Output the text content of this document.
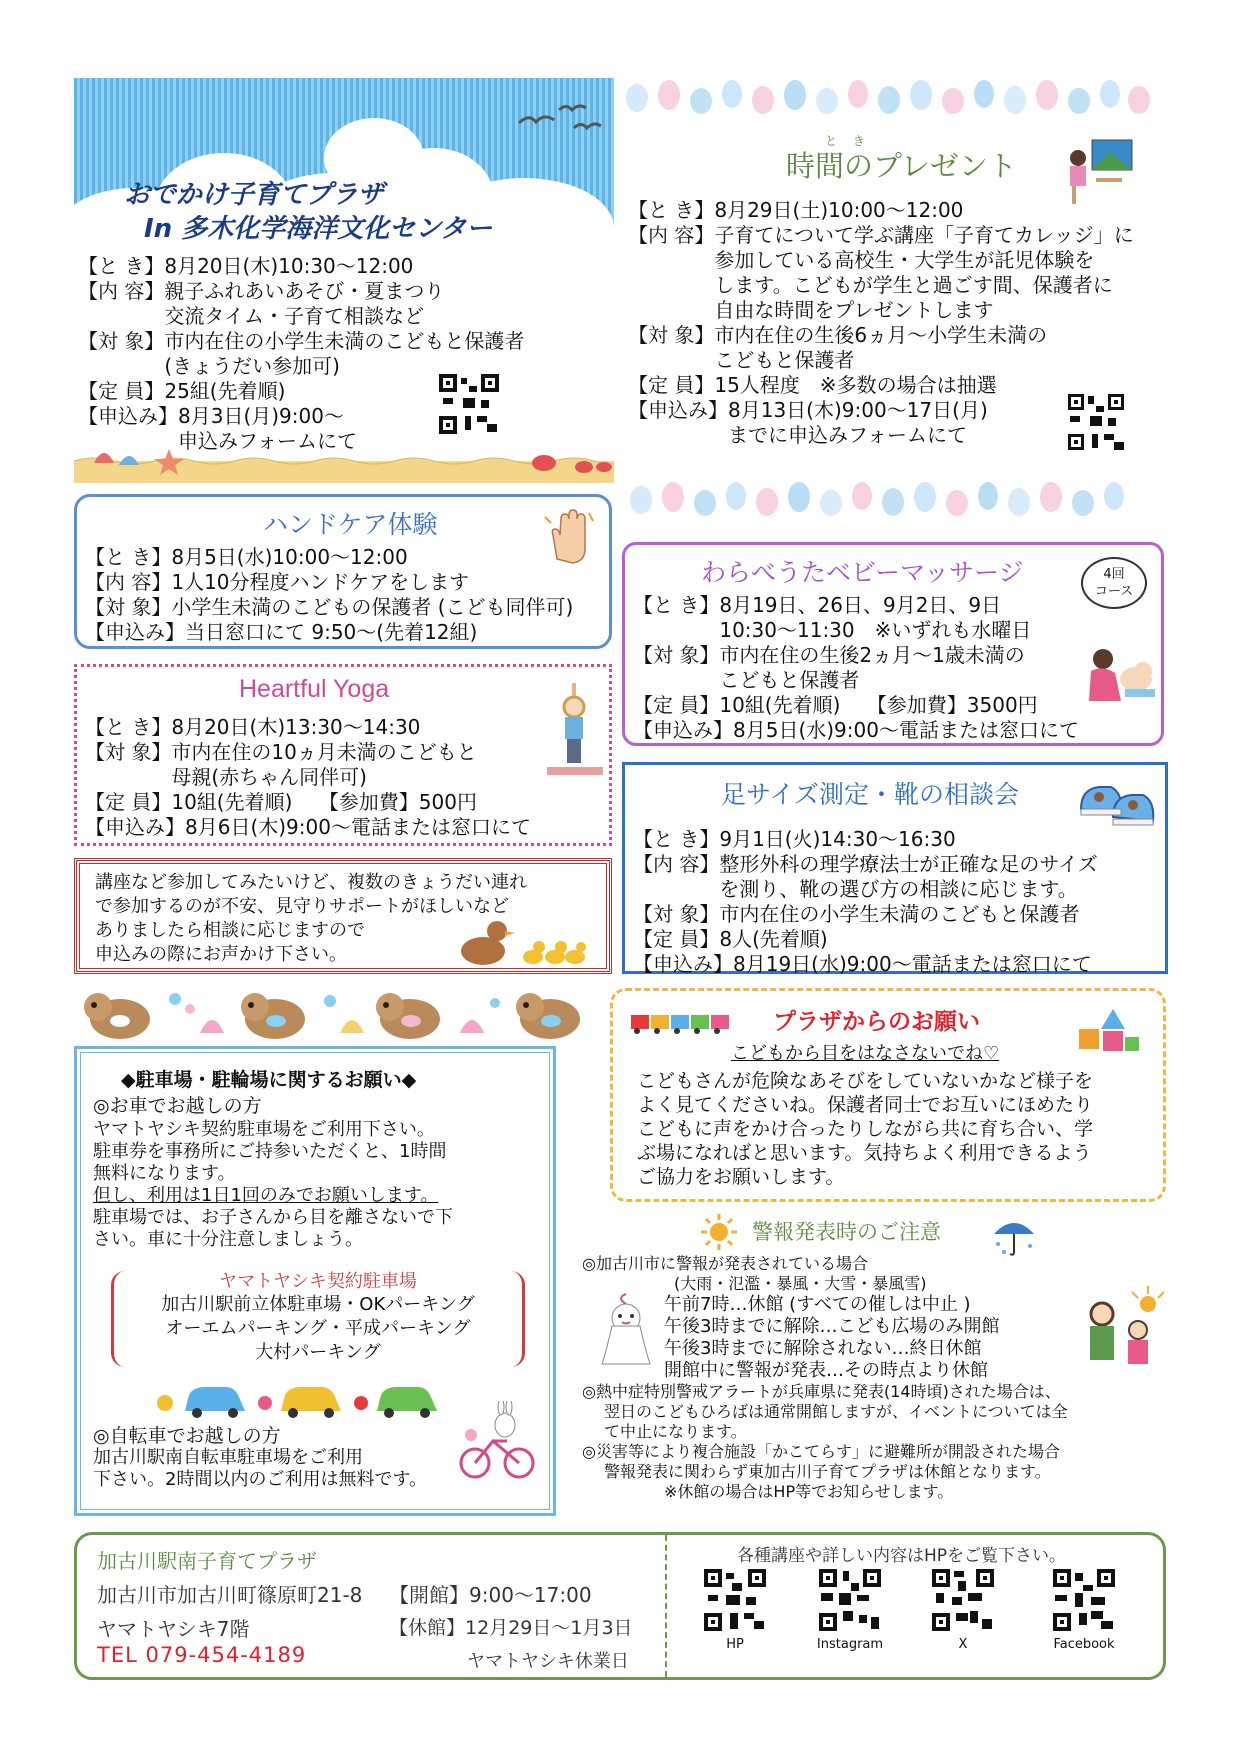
おでかけ子育てプラザ
In 多木化学海洋文化センター
【と き】 8月20日(木)10:30～12:00
【内 容】 親子ふれあいあそび・夏まつり
交流タイム・子育て相談など
【対 象】 市内在住の小学生未満のこどもと保護者
(きょうだい参加可)
【定 員】 25組(先着順)
【申込み】 8月3日(月)9:00～
申込みフォームにて
と き
時間のプレゼント
【と き】 8月29日(土)10:00～12:00
【内 容】 子育てについて学ぶ講座「子育てカレッジ」に
参加している高校生・大学生が託児体験を
します。こどもが学生と過ごす間、保護者に
自由な時間をプレゼントします
【対 象】 市内在住の生後6ヵ月～小学生未満の
こどもと保護者
【定 員】 15人程度　※多数の場合は抽選
【申込み】 8月13日(木)9:00～17日(月)
までに申込みフォームにて
ハンドケア体験
【と き】 8月5日(水)10:00～12:00
【内 容】 1人10分程度ハンドケアをします
【対 象】 小学生未満のこどもの保護者 (こども同伴可)
【申込み】 当日窓口にて 9:50～(先着12組)
わらべうたベビーマッサージ	4回
コース
【と き】 8月19日、26日、9月2日、9日
10:30～11:30　※いずれも水曜日
【対 象】 市内在住の生後2ヵ月～1歳未満の
こどもと保護者
【定 員】 10組(先着順)　 【参加費】3500円
【申込み】 8月5日(水)9:00～電話または窓口にて
Heartful Yoga
【と き】 8月20日(木)13:30～14:30
【対 象】 市内在住の10ヵ月未満のこどもと
母親(赤ちゃん同伴可)
【定 員】 10組(先着順)　 【参加費】500円
【申込み】 8月6日(木)9:00～電話または窓口にて
足サイズ測定・靴の相談会
【と き】 9月1日(火)14:30～16:30
【内 容】 整形外科の理学療法士が正確な足のサイズ
を測り、靴の選び方の相談に応じます。
【対 象】 市内在住の小学生未満のこどもと保護者
【定 員】 8人(先着順)
【申込み】 8月19日(水)9:00～電話または窓口にて
講座など参加してみたいけど、複数のきょうだい連れ
で参加するのが不安、見守りサポートがほしいなど
ありましたら相談に応じますので
申込みの際にお声かけ下さい。
◆駐車場・駐輪場に関するお願い◆
◎お車でお越しの方
ヤマトヤシキ契約駐車場をご利用下さい。
駐車券を事務所にご持参いただくと、1時間
無料になります。
但し、利用は1日1回のみでお願いします。
駐車場では、お子さんから目を離さないで下
さい。車に十分注意しましょう。
ヤマトヤシキ契約駐車場
加古川駅前立体駐車場・OKパーキング
オーエムパーキング・平成パーキング
大村パーキング
◎自転車でお越しの方
加古川駅南自転車駐車場をご利用
下さい。2時間以内のご利用は無料です。
プラザからのお願い
こどもから目をはなさないでね♡
こどもさんが危険なあそびをしていないかなど様子を
よく見てくださいね。保護者同士でお互いにほめたり
こどもに声をかけ合ったりしながら共に育ち合い、学
ぶ場になればと思います。気持ちよく利用できるよう
ご協力をお願いします。
警報発表時のご注意
◎加古川市に警報が発表されている場合
(大雨・氾濫・暴風・大雪・暴風雪)
午前7時…休館 (すべての催しは中止 )
午後3時までに解除…こども広場のみ開館
午後3時までに解除されない…終日休館
開館中に警報が発表…その時点より休館
◎熱中症特別警戒アラートが兵庫県に発表(14時頃)された場合は、
翌日のこどもひろばは通常開館しますが、イベントについては全
て中止になります。
◎災害等により複合施設「かこてらす」に避難所が開設された場合
警報発表に関わらず東加古川子育てプラザは休館となります。
※休館の場合はHP等でお知らせします。
加古川駅南子育てプラザ
加古川市加古川町篠原町21-8 【開館】9:00～17:00
ヤマトヤシキ7階	【休館】12月29日～1月3日
TEL 079-454-4189	ヤマトヤシキ休業日
各種講座や詳しい内容はHPをご覧下さい。
HP	Instagram	X	Facebook
